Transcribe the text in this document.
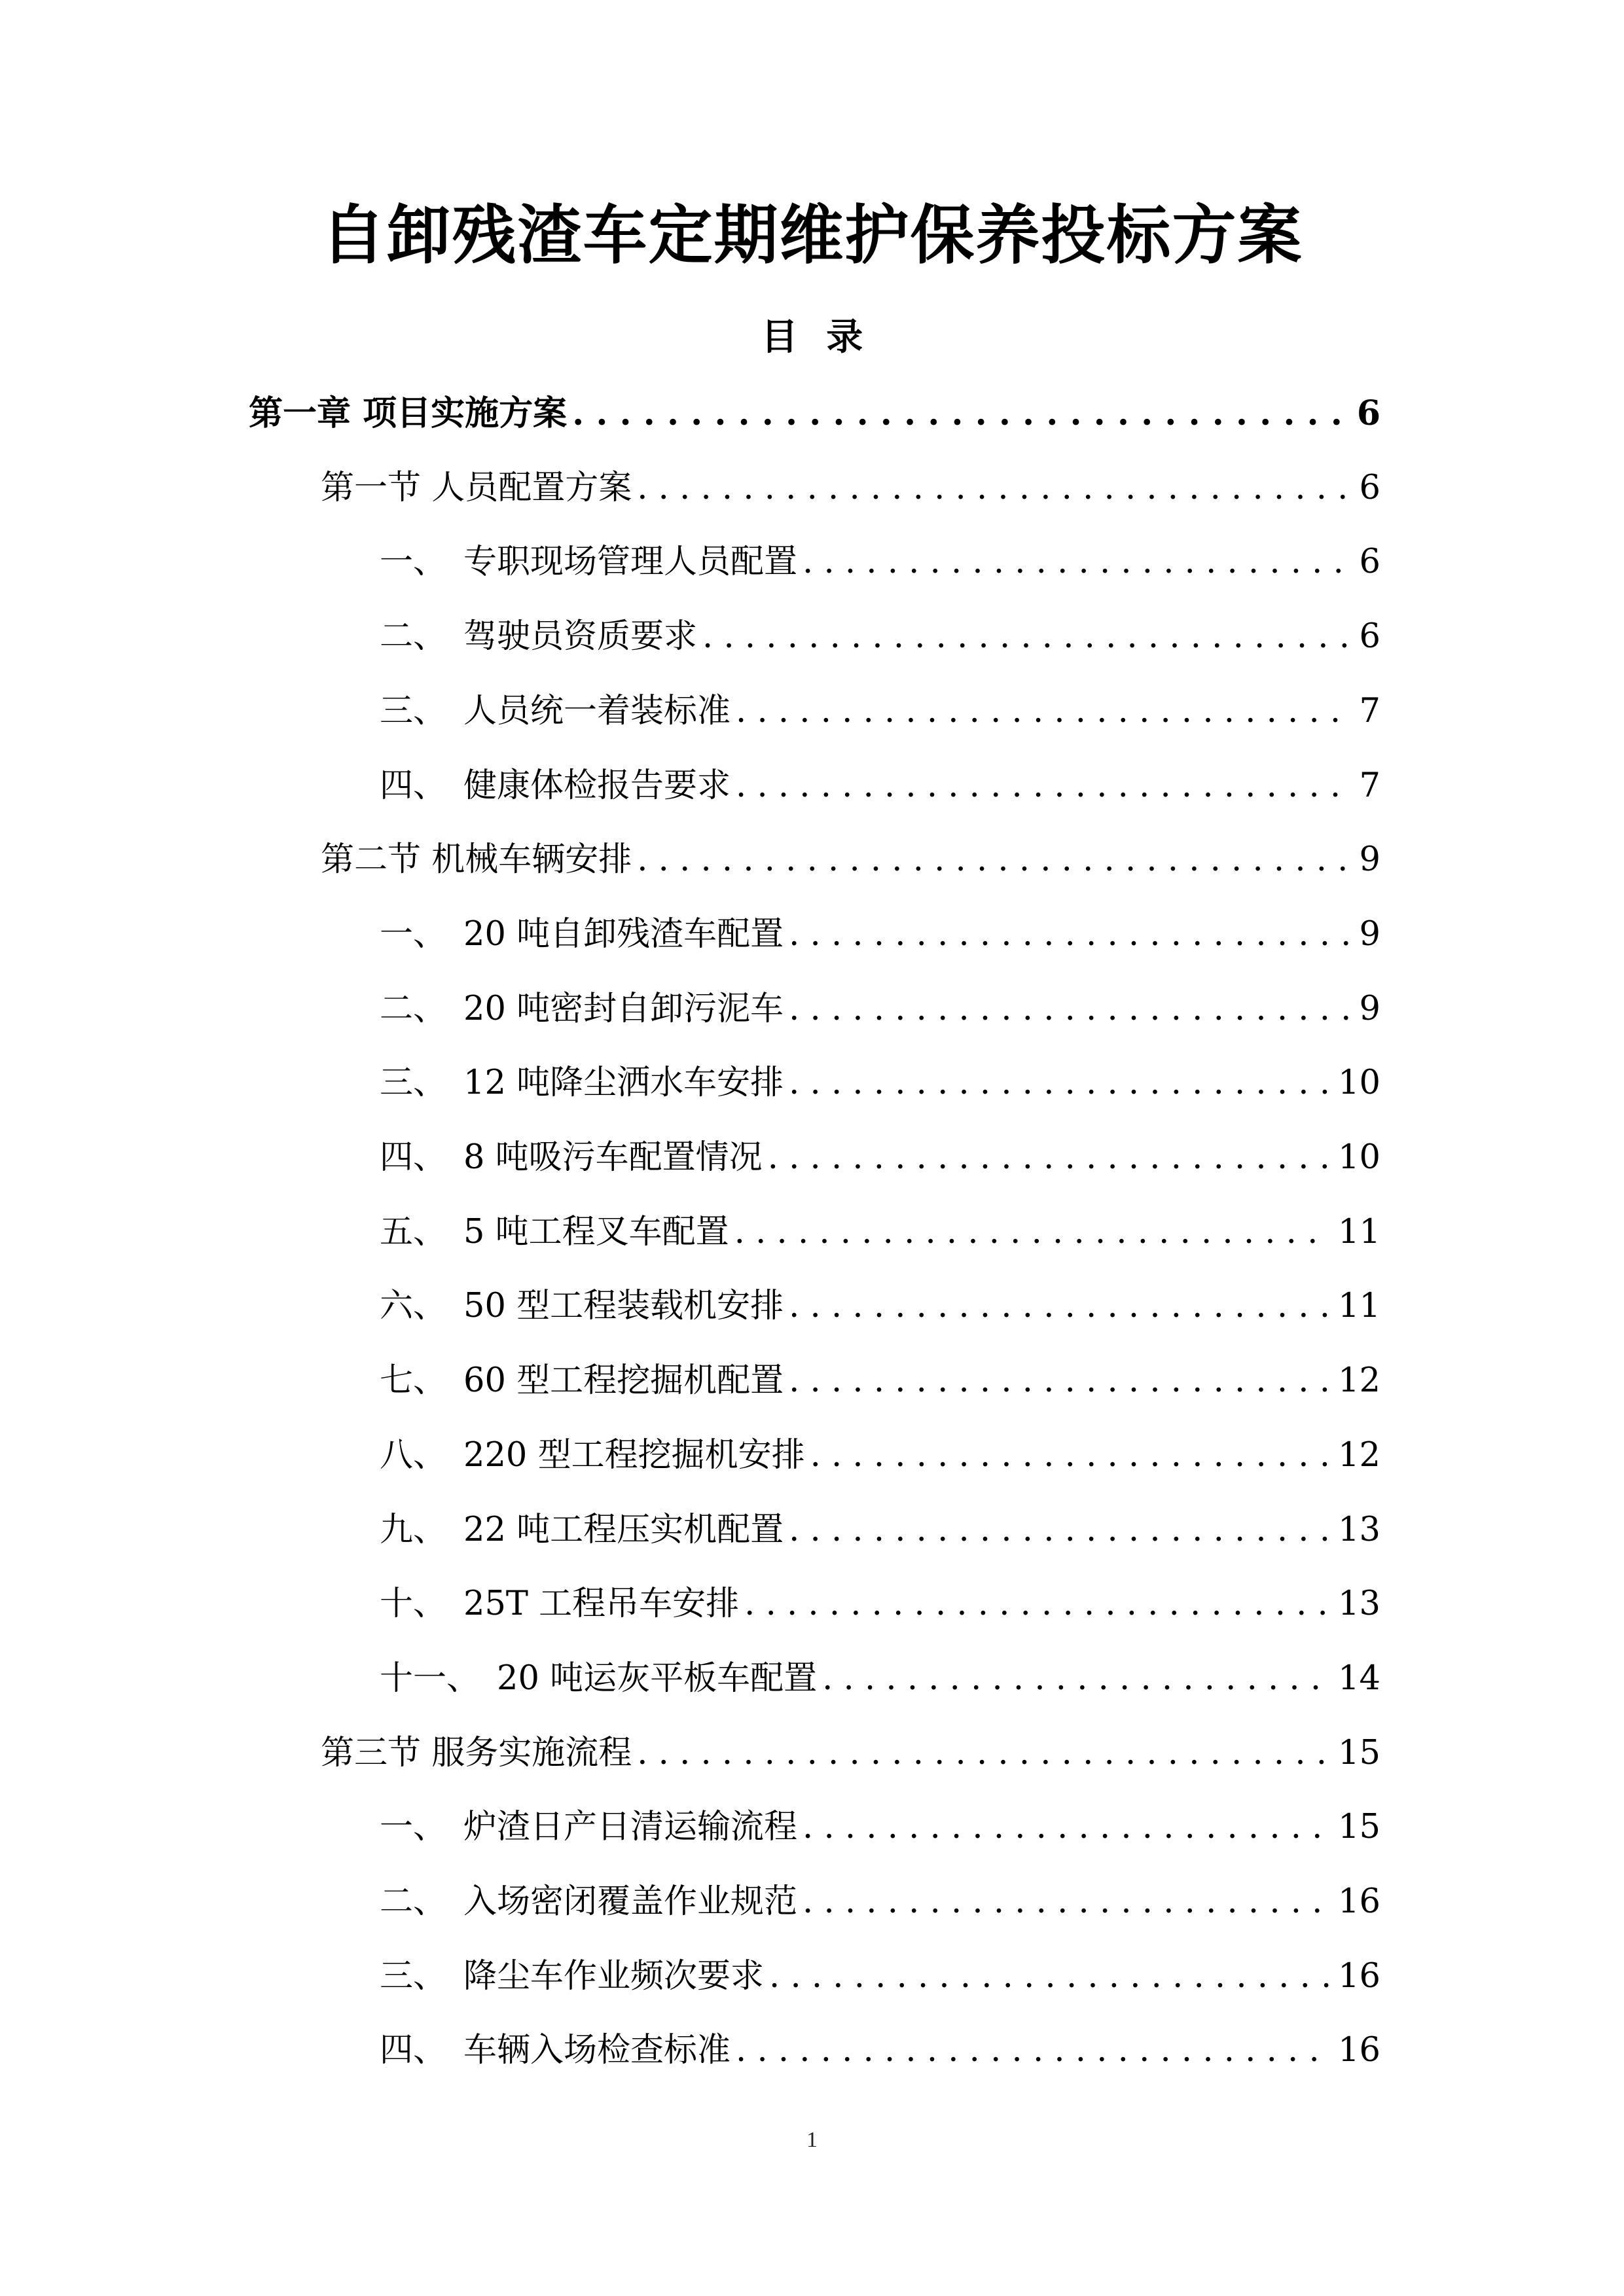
自卸残渣车定期维护保养投标方案
目 录
第一章 项目实施方案 . . .	6
第一节 人员配置方案 . . .	6
一、 专职现场管理人员配置 . . .	6
二、 驾驶员资质要求 . . .	6
三、 人员统一着装标准 . . .	7
四、 健康体检报告要求 . . .	7
第二节 机械车辆安排 . . .	9
一、 20 吨自卸残渣车配置 . . .	9
二、 20 吨密封自卸污泥车 . . .	9
三、 12 吨降尘洒水车安排 . . .	10
四、 8 吨吸污车配置情况 . . .	10
五、 5 吨工程叉车配置 . . .	11
六、 50 型工程装载机安排 . . .	11
七、 60 型工程挖掘机配置 . . .	12
八、 220 型工程挖掘机安排 . . .	12
九、 22 吨工程压实机配置 . . .	13
十、 25T 工程吊车安排 . . .	13
十一、 20 吨运灰平板车配置 . . .	14
第三节 服务实施流程 . . .	15
一、 炉渣日产日清运输流程 . . .	15
二、 入场密闭覆盖作业规范 . . .	16
三、 降尘车作业频次要求 . . .	16
四、 车辆入场检查标准 . . .	16
1
